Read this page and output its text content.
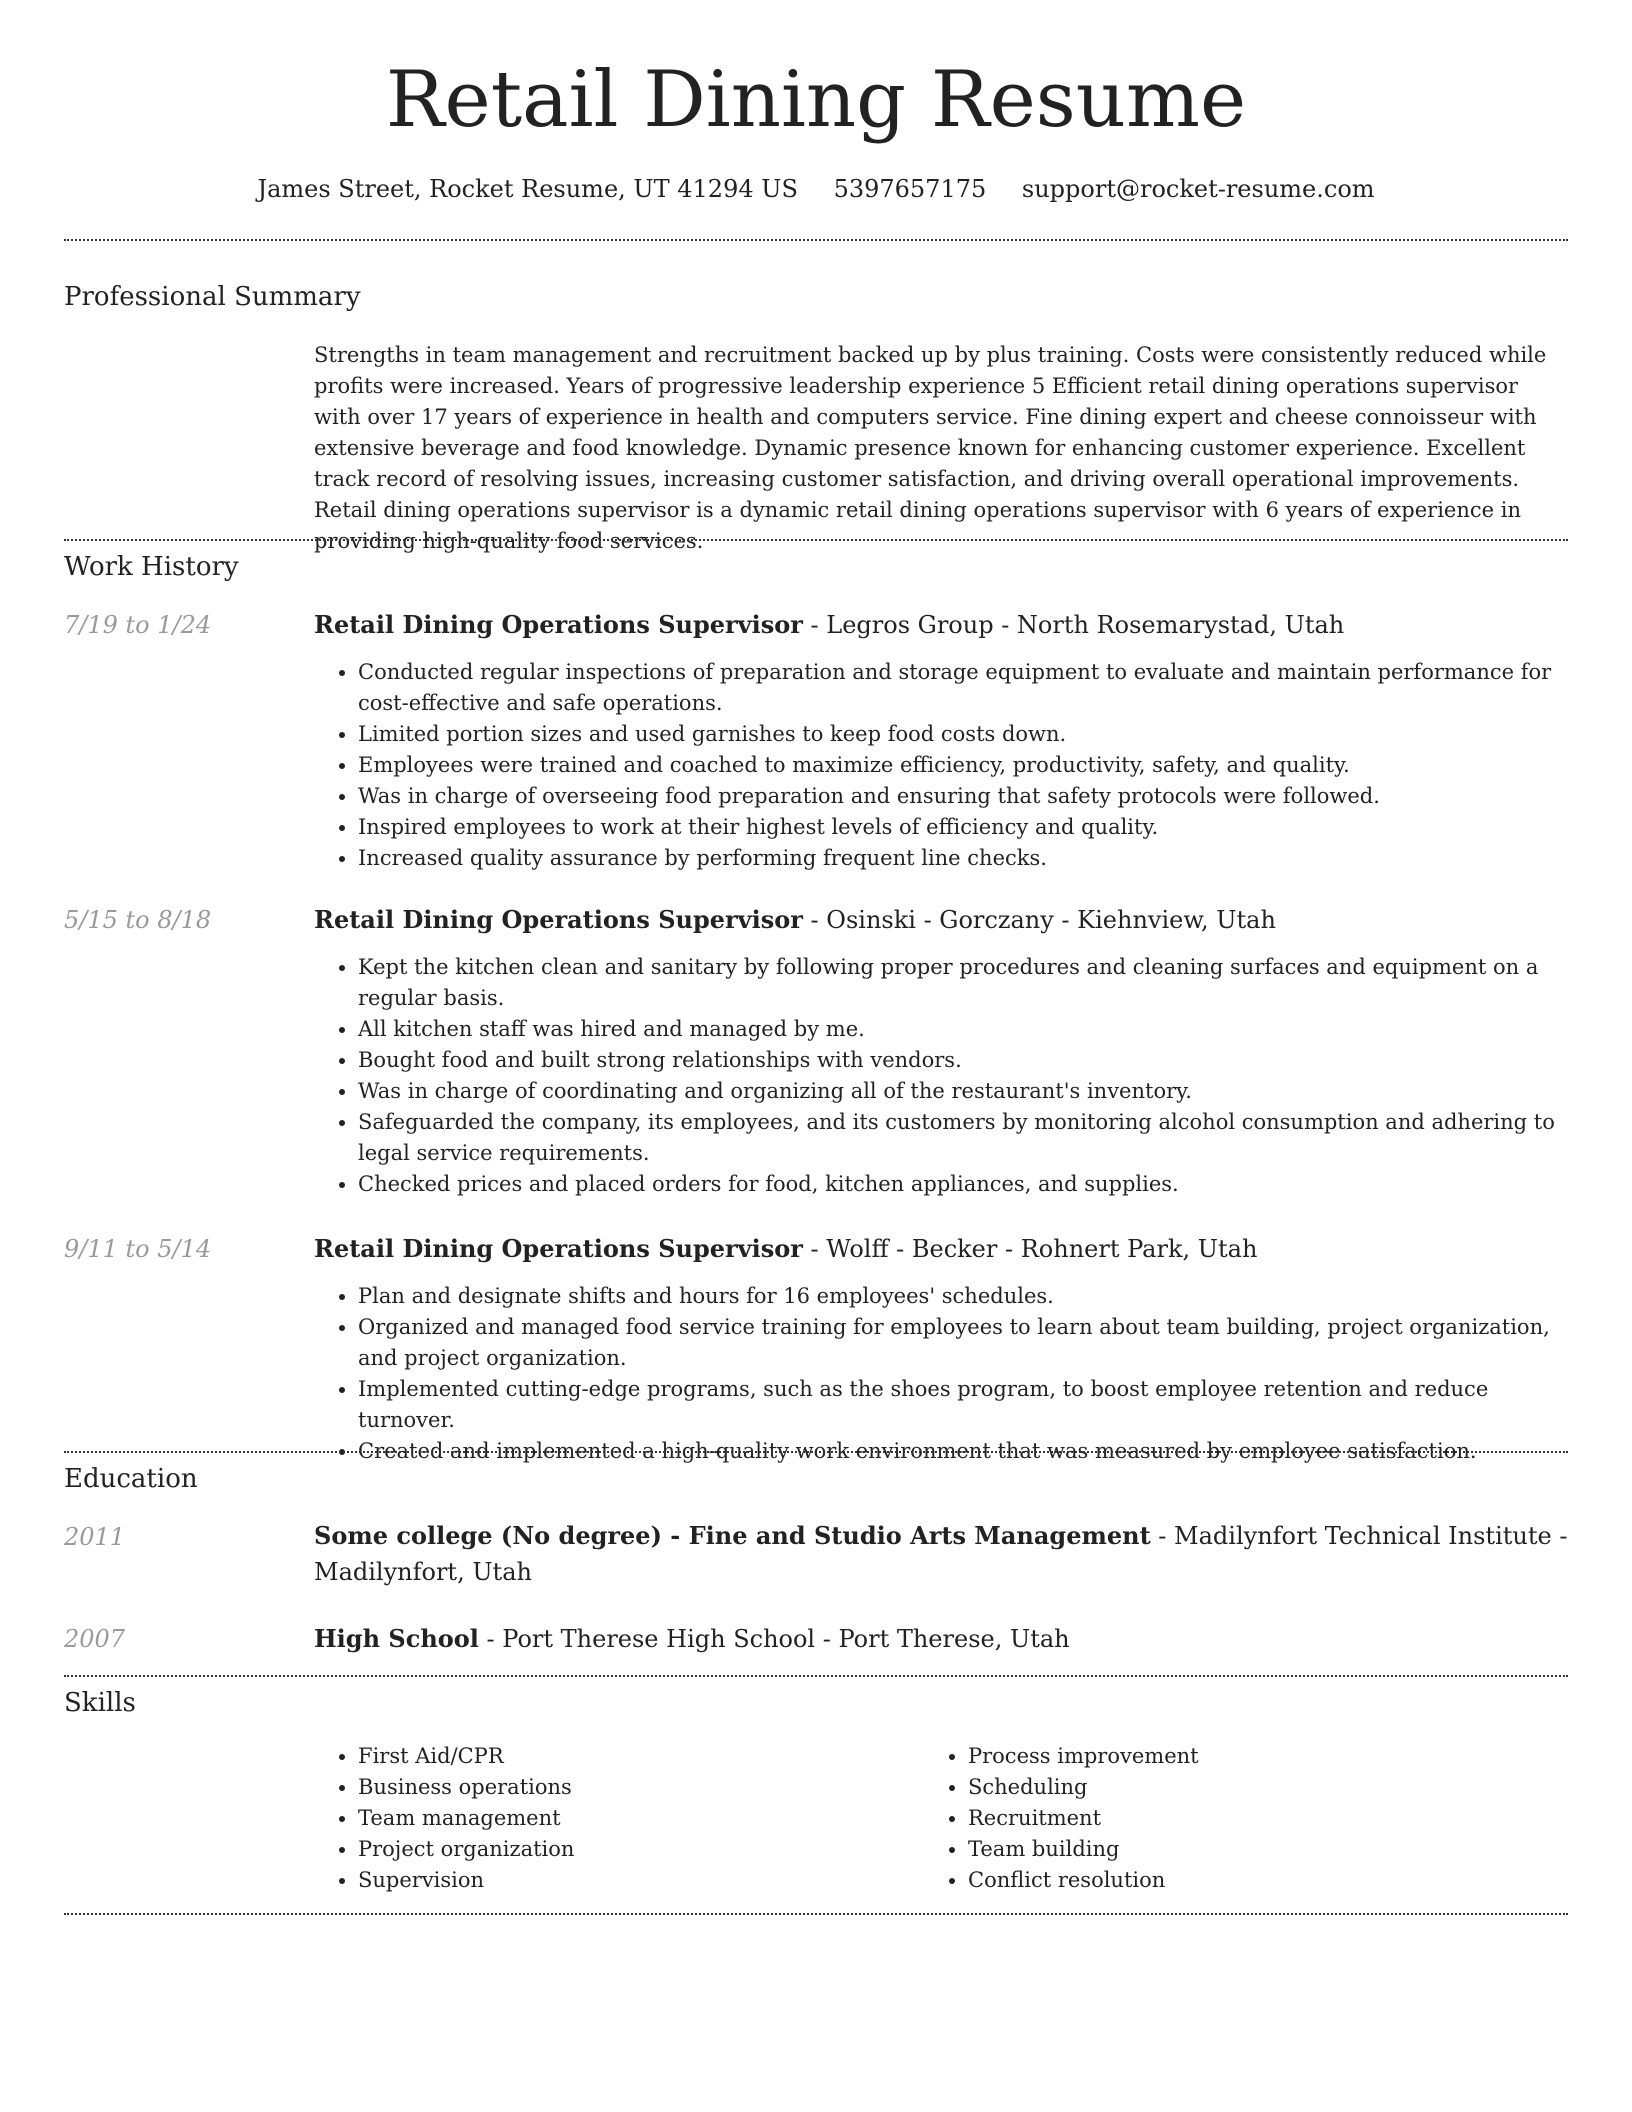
Retail Dining Resume
James Street, Rocket Resume, UT 41294 US 5397657175 support@rocket-resume.com
Professional Summary
Strengths in team management and recruitment backed up by plus training. Costs were consistently reduced while profits were increased. Years of progressive leadership experience 5 Efficient retail dining operations supervisor with over 17 years of experience in health and computers service. Fine dining expert and cheese connoisseur with extensive beverage and food knowledge. Dynamic presence known for enhancing customer experience. Excellent track record of resolving issues, increasing customer satisfaction, and driving overall operational improvements. Retail dining operations supervisor is a dynamic retail dining operations supervisor with 6 years of experience in providing high-quality food services.
Work History
7/19 to 1/24	Retail Dining Operations Supervisor - Legros Group - North Rosemarystad, Utah
• Conducted regular inspections of preparation and storage equipment to evaluate and maintain performance for cost-effective and safe operations.
• Limited portion sizes and used garnishes to keep food costs down.
• Employees were trained and coached to maximize efficiency, productivity, safety, and quality.
• Was in charge of overseeing food preparation and ensuring that safety protocols were followed.
• Inspired employees to work at their highest levels of efficiency and quality.
• Increased quality assurance by performing frequent line checks.
5/15 to 8/18	Retail Dining Operations Supervisor - Osinski - Gorczany - Kiehnview, Utah
• Kept the kitchen clean and sanitary by following proper procedures and cleaning surfaces and equipment on a regular basis.
• All kitchen staff was hired and managed by me.
• Bought food and built strong relationships with vendors.
• Was in charge of coordinating and organizing all of the restaurant's inventory.
• Safeguarded the company, its employees, and its customers by monitoring alcohol consumption and adhering to legal service requirements.
• Checked prices and placed orders for food, kitchen appliances, and supplies.
9/11 to 5/14	Retail Dining Operations Supervisor - Wolff - Becker - Rohnert Park, Utah
• Plan and designate shifts and hours for 16 employees' schedules.
• Organized and managed food service training for employees to learn about team building, project organization, and project organization.
• Implemented cutting-edge programs, such as the shoes program, to boost employee retention and reduce turnover.
• Created and implemented a high-quality work environment that was measured by employee satisfaction.
Education
2011	Some college (No degree) - Fine and Studio Arts Management - Madilynfort Technical Institute - Madilynfort, Utah
2007	High School - Port Therese High School - Port Therese, Utah
Skills
• First Aid/CPR
• Business operations
• Team management
• Project organization
• Supervision
• Process improvement
• Scheduling
• Recruitment
• Team building
• Conflict resolution
